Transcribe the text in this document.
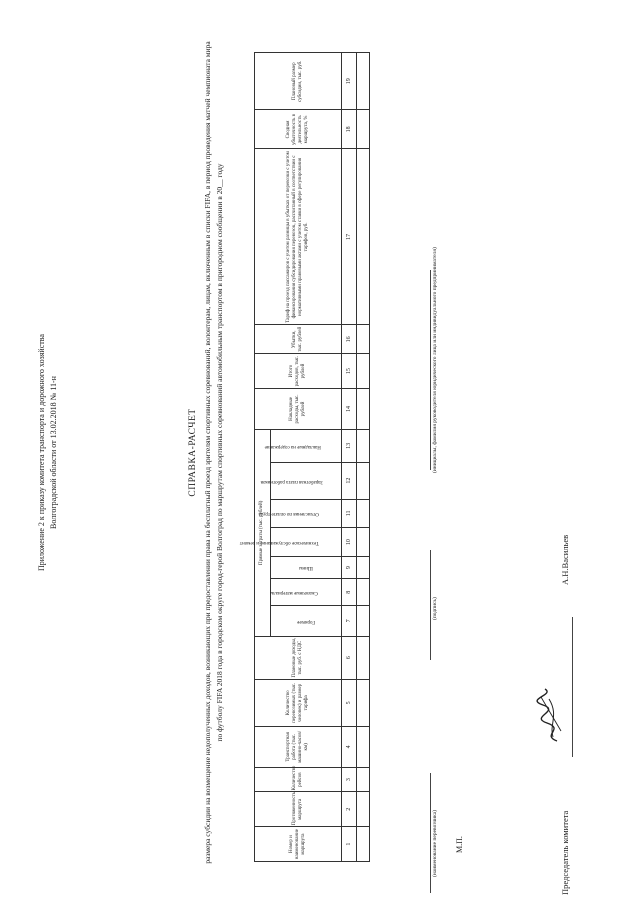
Приложение 2 к приказу комитета транспорта и дорожного хозяйства Волгоградской области от 13.02.2018 № 11-н	СПРАВКА-РАСЧЕТ размера субсидии на возмещение недополученных доходов, возникающих при предоставлении права на бесплатный проезд зрителям спортивных соревнований, волонтерам, лицам, включенным в списки FIFA, в период проведения матчей чемпионата мира по футболу FIFA 2018 года в городском округе город-герой Волгоград по маршрутам спортивных соревнований автомобильным транспортом в пригородном сообщении в 20__ году
Номер и наименование маршрута	Протяженность маршрута	Количество рейсов	Транспортная работа (тыс. машино-часов/км)	Количество перевозимых (тыс. человек) и размер тарифа	Плановые доходы, тыс. руб. с НДС	Прямые затраты (тыс. рублей)							Накладные расходы, тыс. рублей	Итого расходов, тыс. рублей	Убытки, тыс. рублей	Тариф на проезд пассажиров с учетом разницы в убытках от перевозки с учетом финансирования субсидирования перевозок, рассчитанный в соответствии с нормативными правовыми актами с учетом ставки в сфере регулирования тарифов, руб.	Сводная убыточность в деятельность маршрута, %	Плановый размер субсидии, тыс. руб.

						Горючее	Смазочные материалы	Шины	Техническое обслуживание и ремонт	Отчисления по оплате труда	Заработная плата работников	Накладные на содержание						

1	2	3	4	5	6	7	8	9	10	11	12	13	14	15	16	17	18	19

(наименование перевозчика)
(подпись)
(инициалы, фамилия руководителя юридического лица или индивидуального предпринимателя)
М.П.	Председатель комитета
А.Н.Васильев
